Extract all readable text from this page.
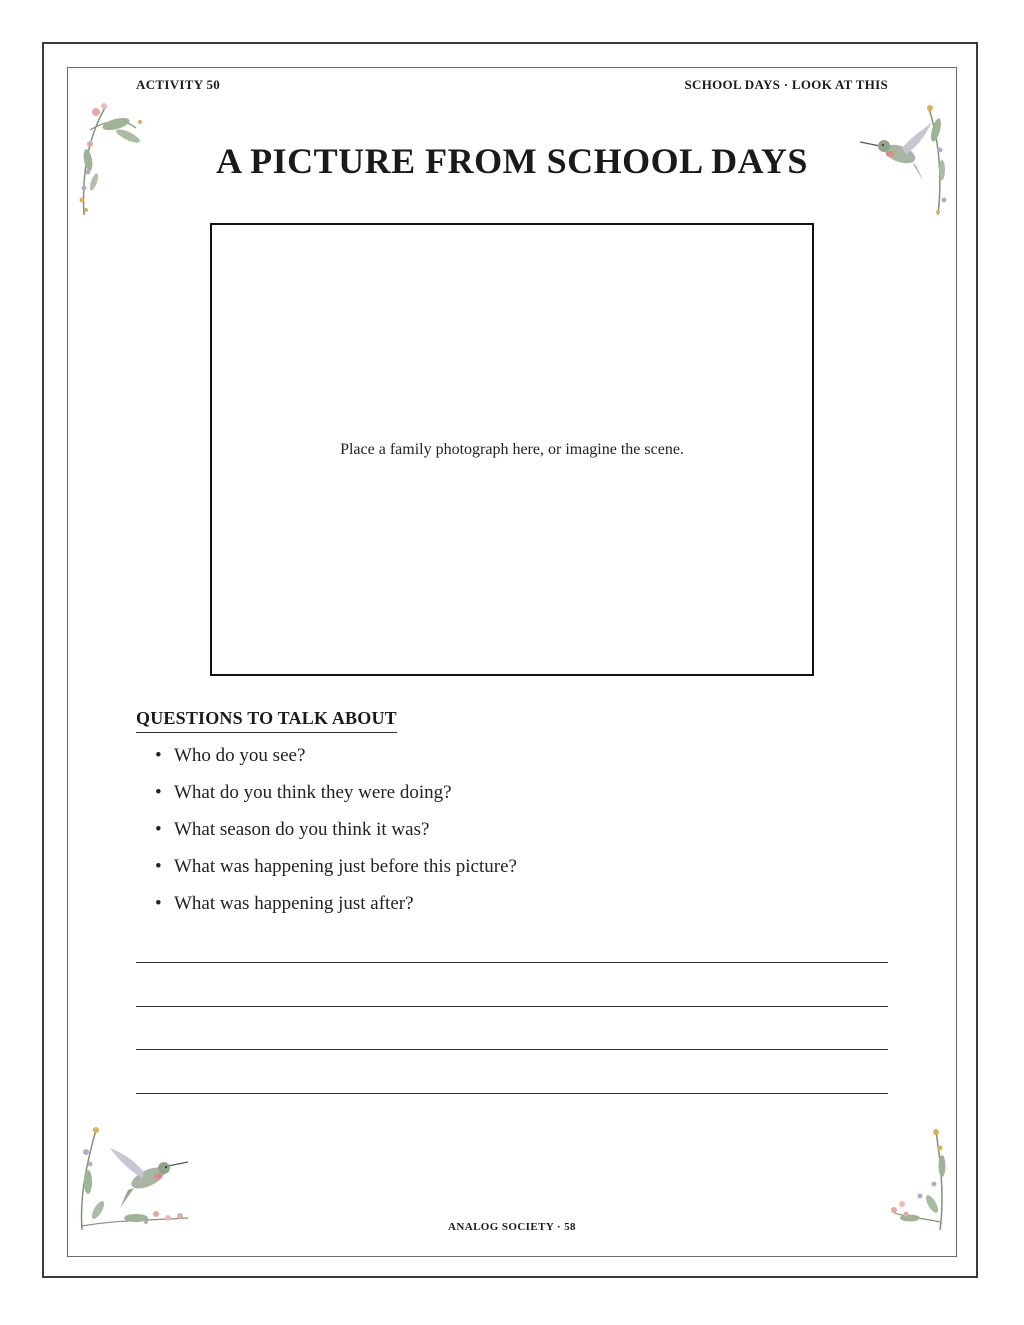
ACTIVITY 50	SCHOOL DAYS · LOOK AT THIS
A PICTURE FROM SCHOOL DAYS
Place a family photograph here, or imagine the scene.
QUESTIONS TO TALK ABOUT
• Who do you see?
• What do you think they were doing?
• What season do you think it was?
• What was happening just before this picture?
• What was happening just after?
ANALOG SOCIETY · 58
